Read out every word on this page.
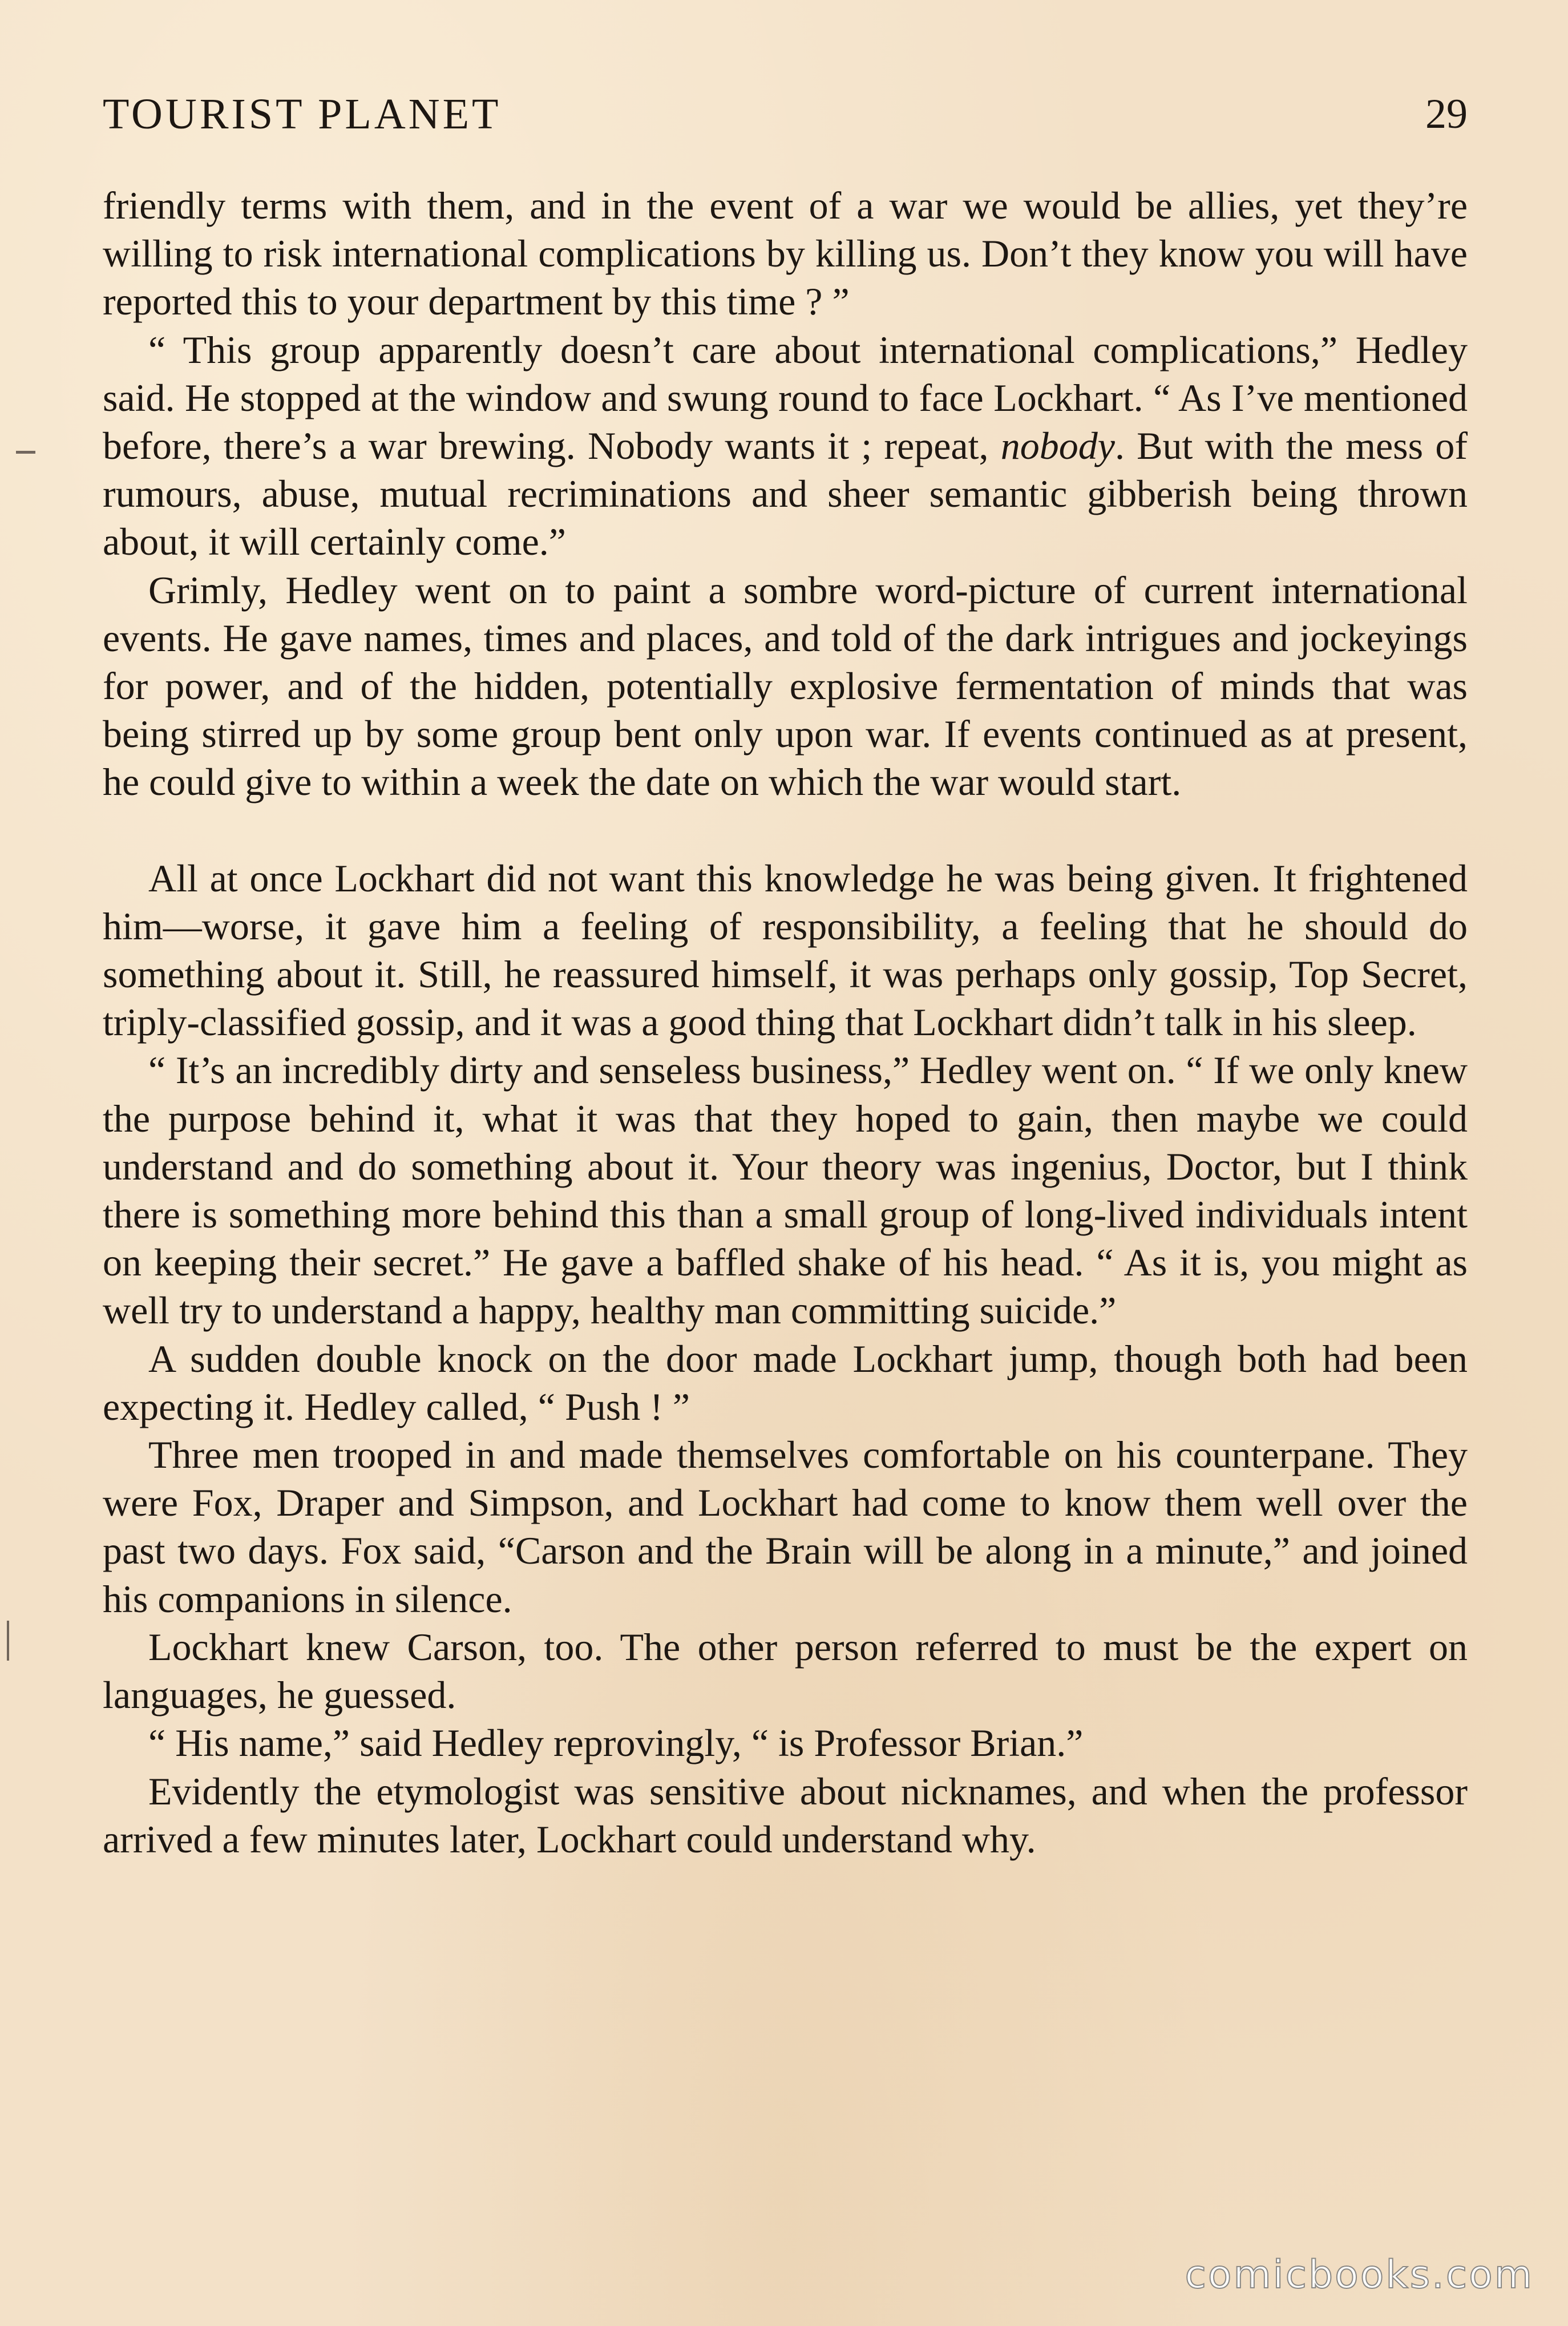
TOURIST PLANET	29

friendly terms with them, and in the event of a war we would be allies, yet they’re willing to risk international complications by killing us. Don’t they know you will have reported this to your department by this time ? ”

“ This group apparently doesn’t care about international complications,” Hedley said. He stopped at the window and swung round to face Lockhart. “ As I’ve mentioned before, there’s a war brewing. Nobody wants it ; repeat, nobody. But with the mess of rumours, abuse, mutual recriminations and sheer semantic gibberish being thrown about, it will certainly come.”

Grimly, Hedley went on to paint a sombre word-picture of current international events. He gave names, times and places, and told of the dark intrigues and jockeyings for power, and of the hidden, potentially explosive fermentation of minds that was being stirred up by some group bent only upon war. If events continued as at present, he could give to within a week the date on which the war would start.

All at once Lockhart did not want this knowledge he was being given. It frightened him—worse, it gave him a feeling of responsibility, a feeling that he should do something about it. Still, he reassured himself, it was perhaps only gossip, Top Secret, triply-classified gossip, and it was a good thing that Lockhart didn’t talk in his sleep.

“ It’s an incredibly dirty and senseless business,” Hedley went on. “ If we only knew the purpose behind it, what it was that they hoped to gain, then maybe we could understand and do something about it. Your theory was ingenius, Doctor, but I think there is something more behind this than a small group of long-lived individuals intent on keeping their secret.” He gave a baffled shake of his head. “ As it is, you might as well try to understand a happy, healthy man committing suicide.”

A sudden double knock on the door made Lockhart jump, though both had been expecting it. Hedley called, “ Push ! ”

Three men trooped in and made themselves comfortable on his counterpane. They were Fox, Draper and Simpson, and Lockhart had come to know them well over the past two days. Fox said, “Carson and the Brain will be along in a minute,” and joined his companions in silence.

Lockhart knew Carson, too. The other person referred to must be the expert on languages, he guessed.

“ His name,” said Hedley reprovingly, “ is Professor Brian.”

Evidently the etymologist was sensitive about nicknames, and when the professor arrived a few minutes later, Lockhart could understand why.

comicbooks.com
